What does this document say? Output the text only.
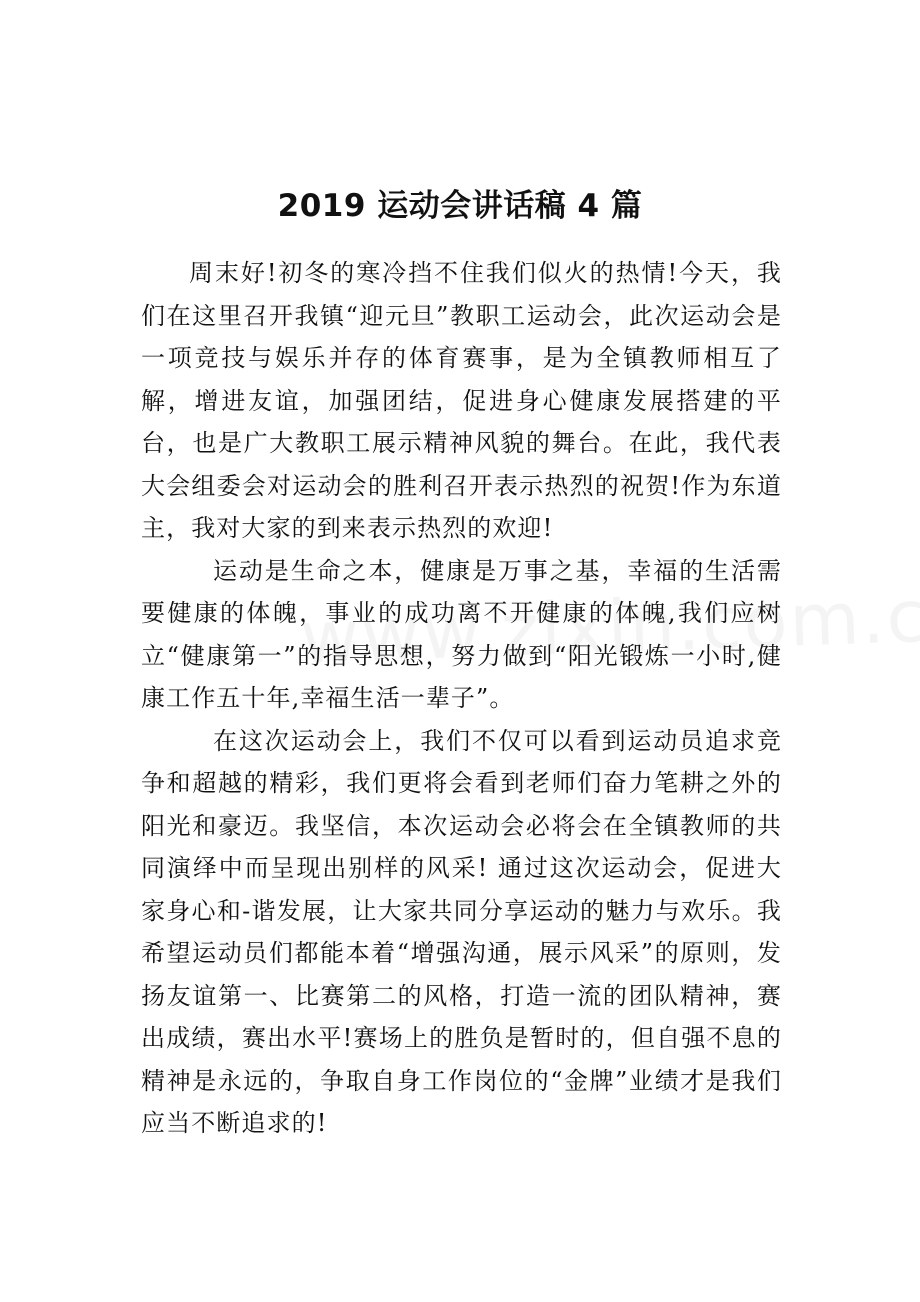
2019 运动会讲话稿 4 篇

周末好!初冬的寒冷挡不住我们似火的热情!今天，我们在这里召开我镇“迎元旦”教职工运动会，此次运动会是一项竞技与娱乐并存的体育赛事，是为全镇教师相互了解，增进友谊，加强团结，促进身心健康发展搭建的平台，也是广大教职工展示精神风貌的舞台。在此，我代表大会组委会对运动会的胜利召开表示热烈的祝贺!作为东道主，我对大家的到来表示热烈的欢迎!

运动是生命之本，健康是万事之基，幸福的生活需要健康的体魄，事业的成功离不开健康的体魄,我们应树立“健康第一”的指导思想，努力做到“阳光锻炼一小时,健康工作五十年,幸福生活一辈子”。

在这次运动会上，我们不仅可以看到运动员追求竞争和超越的精彩，我们更将会看到老师们奋力笔耕之外的阳光和豪迈。我坚信，本次运动会必将会在全镇教师的共同演绎中而呈现出别样的风采! 通过这次运动会，促进大家身心和-谐发展，让大家共同分享运动的魅力与欢乐。我希望运动员们都能本着“增强沟通，展示风采”的原则，发扬友谊第一、比赛第二的风格，打造一流的团队精神，赛出成绩，赛出水平!赛场上的胜负是暂时的，但自强不息的精神是永远的，争取自身工作岗位的“金牌”业绩才是我们应当不断追求的!
